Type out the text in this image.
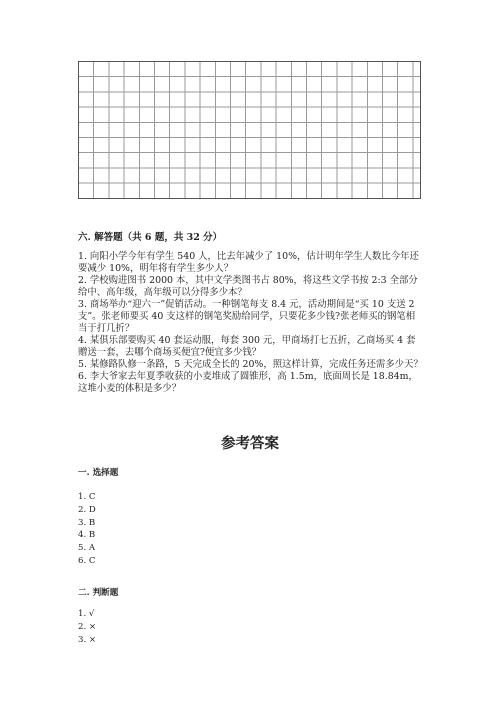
六. 解答题（共 6 题，共 32 分）

1. 向阳小学今年有学生 540 人，比去年减少了 10%，估计明年学生人数比今年还要减少 10%，明年将有学生多少人？

2. 学校购进图书 2000 本，其中文学类图书占 80%，将这些文学书按 2:3 全部分给中、高年级，高年级可以分得多少本？

3. 商场举办“迎六一”促销活动。一种钢笔每支 8.4 元，活动期间是“买 10 支送 2 支”。张老师要买 40 支这样的钢笔奖励给同学，只要花多少钱?张老师买的钢笔相当于打几折？

4. 某俱乐部要购买 40 套运动服，每套 300 元，甲商场打七五折，乙商场买 4 套赠送一套，去哪个商场买便宜?便宜多少钱？

5. 某修路队修一条路，5 天完成全长的 20%，照这样计算，完成任务还需多少天？

6. 李大爷家去年夏季收获的小麦堆成了圆锥形，高 1.5m，底面周长是 18.84m，这堆小麦的体积是多少？

参考答案

一. 选择题

1. C
2. D
3. B
4. B
5. A
6. C

二. 判断题

1. √
2. ×
3. ×
